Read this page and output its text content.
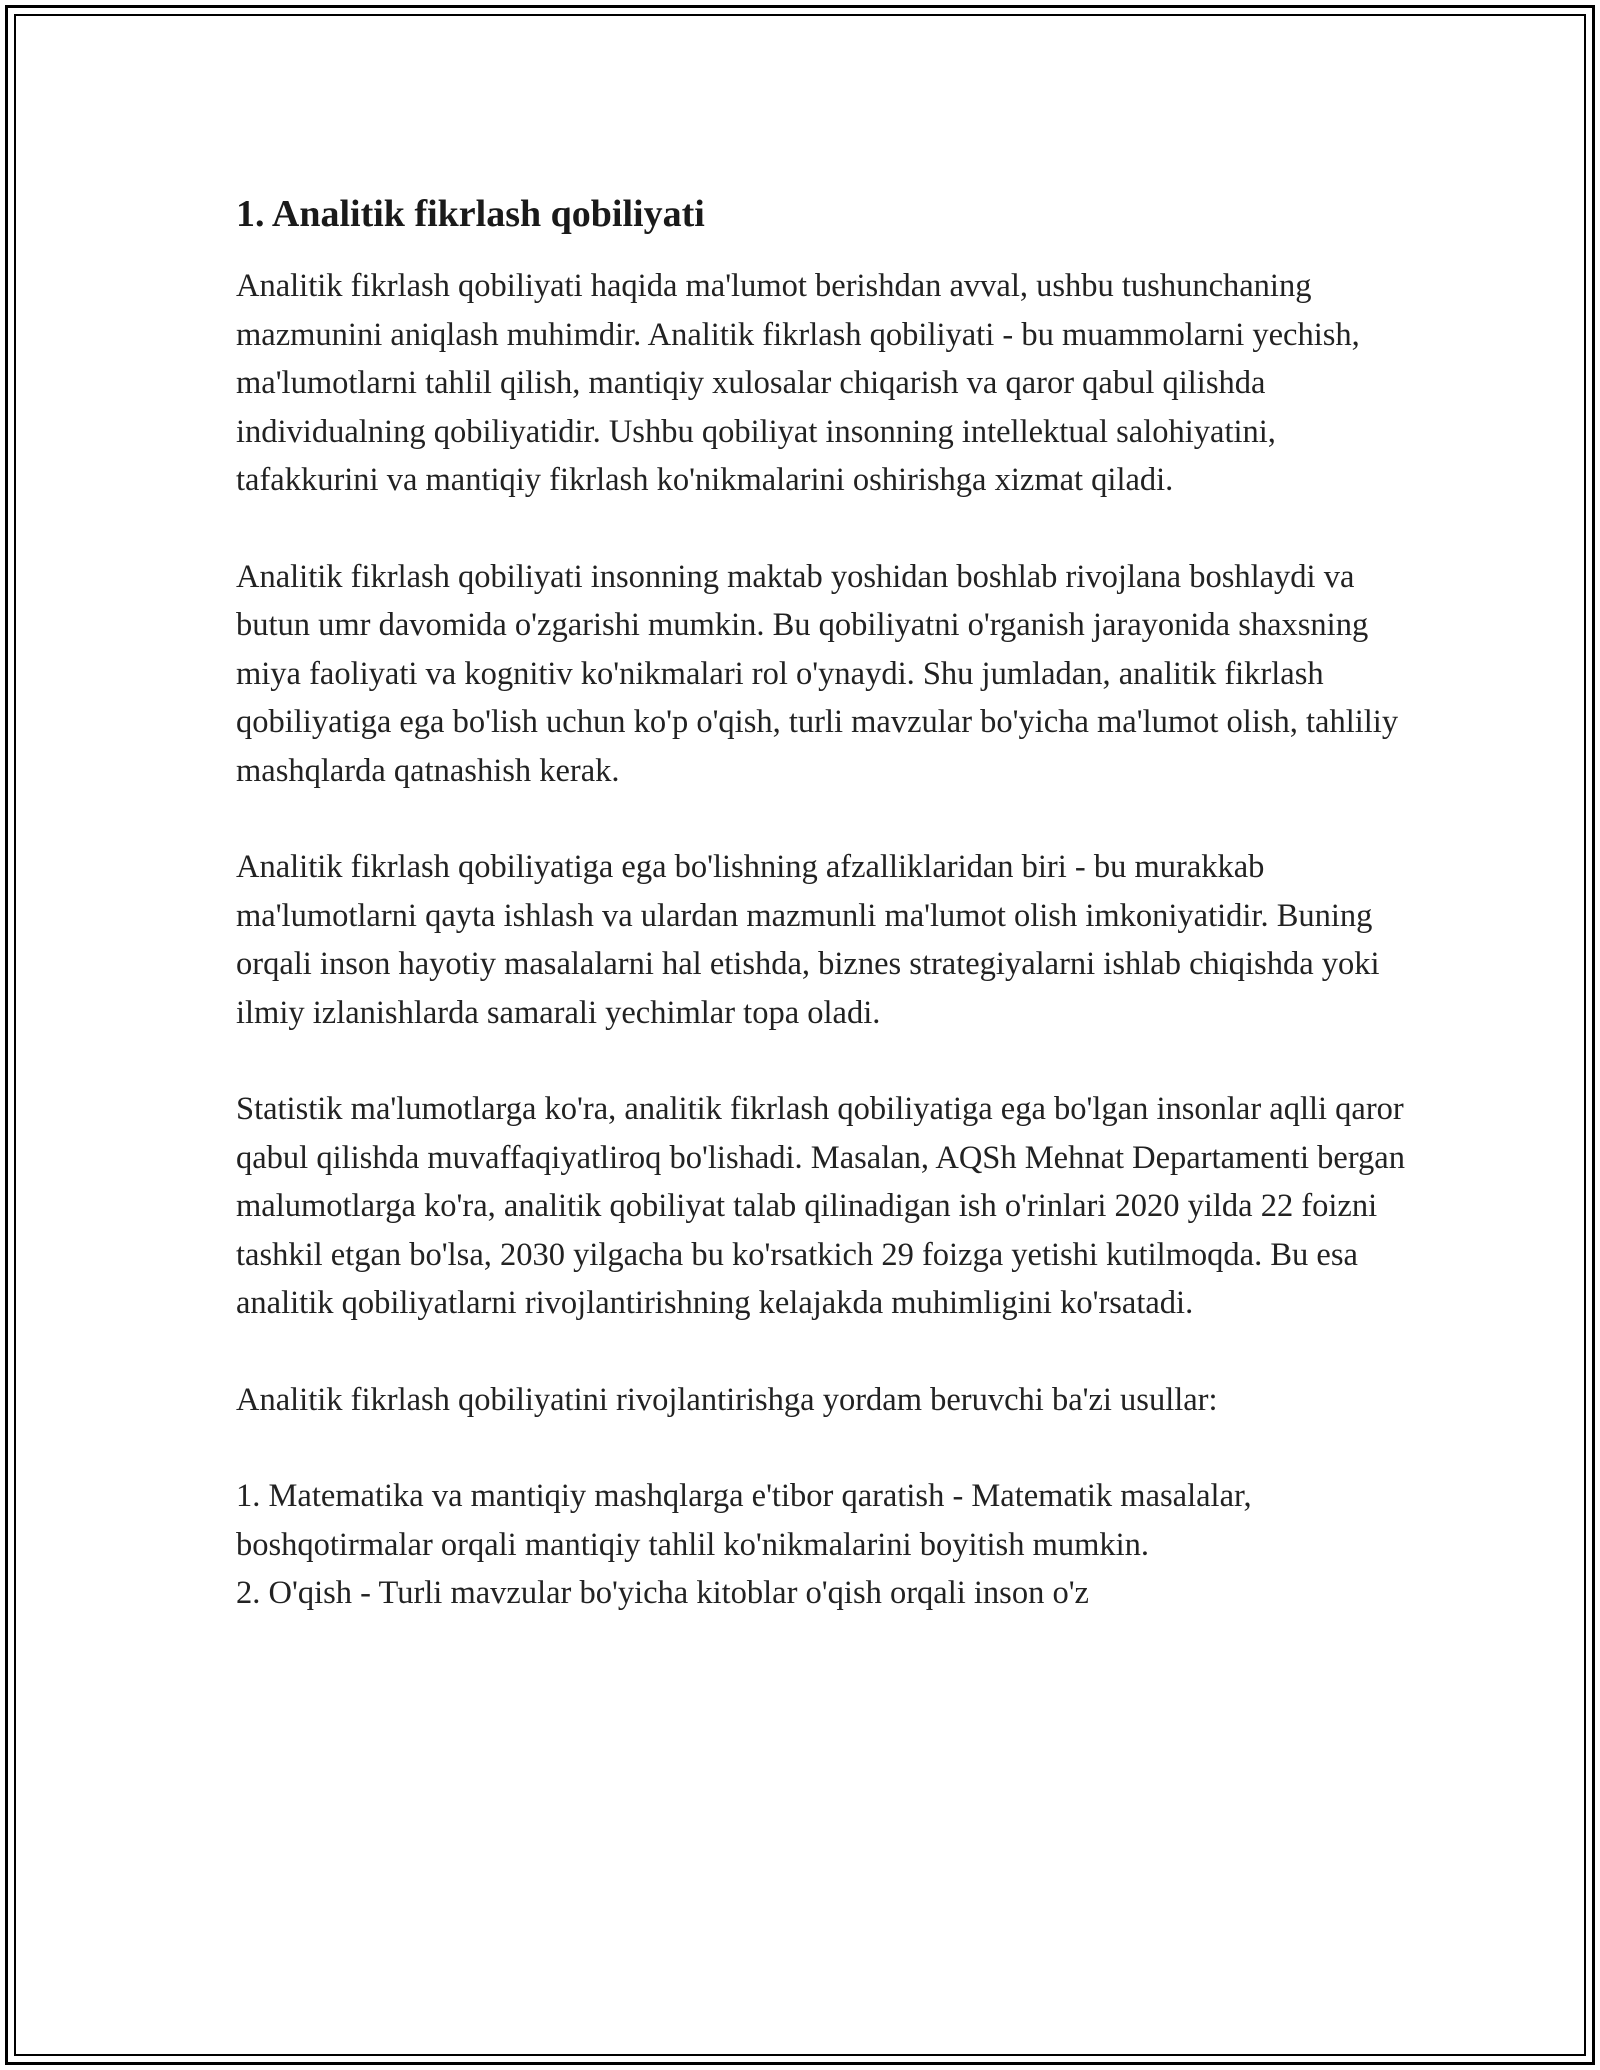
1. Analitik fikrlash qobiliyati

Analitik fikrlash qobiliyati haqida ma'lumot berishdan avval, ushbu tushunchaning mazmunini aniqlash muhimdir. Analitik fikrlash qobiliyati - bu muammolarni yechish, ma'lumotlarni tahlil qilish, mantiqiy xulosalar chiqarish va qaror qabul qilishda individualning qobiliyatidir. Ushbu qobiliyat insonning intellektual salohiyatini, tafakkurini va mantiqiy fikrlash ko'nikmalarini oshirishga xizmat qiladi.

Analitik fikrlash qobiliyati insonning maktab yoshidan boshlab rivojlana boshlaydi va butun umr davomida o'zgarishi mumkin. Bu qobiliyatni o'rganish jarayonida shaxsning miya faoliyati va kognitiv ko'nikmalari rol o'ynaydi. Shu jumladan, analitik fikrlash qobiliyatiga ega bo'lish uchun ko'p o'qish, turli mavzular bo'yicha ma'lumot olish, tahliliy mashqlarda qatnashish kerak.

Analitik fikrlash qobiliyatiga ega bo'lishning afzalliklaridan biri - bu murakkab ma'lumotlarni qayta ishlash va ulardan mazmunli ma'lumot olish imkoniyatidir. Buning orqali inson hayotiy masalalarni hal etishda, biznes strategiyalarni ishlab chiqishda yoki ilmiy izlanishlarda samarali yechimlar topa oladi.

Statistik ma'lumotlarga ko'ra, analitik fikrlash qobiliyatiga ega bo'lgan insonlar aqlli qaror qabul qilishda muvaffaqiyatliroq bo'lishadi. Masalan, AQSh Mehnat Departamenti bergan malumotlarga ko'ra, analitik qobiliyat talab qilinadigan ish o'rinlari 2020 yilda 22 foizni tashkil etgan bo'lsa, 2030 yilgacha bu ko'rsatkich 29 foizga yetishi kutilmoqda. Bu esa analitik qobiliyatlarni rivojlantirishning kelajakda muhimligini ko'rsatadi.

Analitik fikrlash qobiliyatini rivojlantirishga yordam beruvchi ba'zi usullar:

1. Matematika va mantiqiy mashqlarga e'tibor qaratish - Matematik masalalar, boshqotirmalar orqali mantiqiy tahlil ko'nikmalarini boyitish mumkin.
2. O'qish - Turli mavzular bo'yicha kitoblar o'qish orqali inson o'z
